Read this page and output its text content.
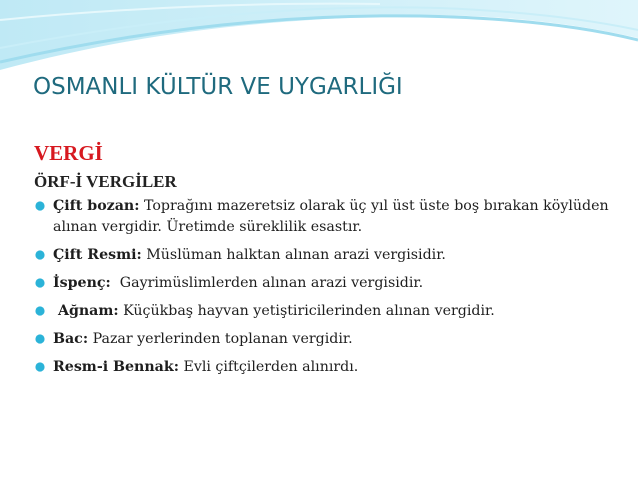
OSMANLI KÜLTÜR VE UYGARLIĞI
VERGİ
ÖRF-İ VERGİLER
Çift bozan: Toprağını mazeretsiz olarak üç yıl üst üste boş bırakan köylüden alınan vergidir. Üretimde süreklilik esastır.
Çift Resmi: Müslüman halktan alınan arazi vergisidir.
İspenç:  Gayrimüslimlerden alınan arazi vergisidir.
Ağnam: Küçükbaş hayvan yetiştiricilerinden alınan vergidir.
Bac: Pazar yerlerinden toplanan vergidir.
Resm-i Bennak: Evli çiftçilerden alınırdı.
